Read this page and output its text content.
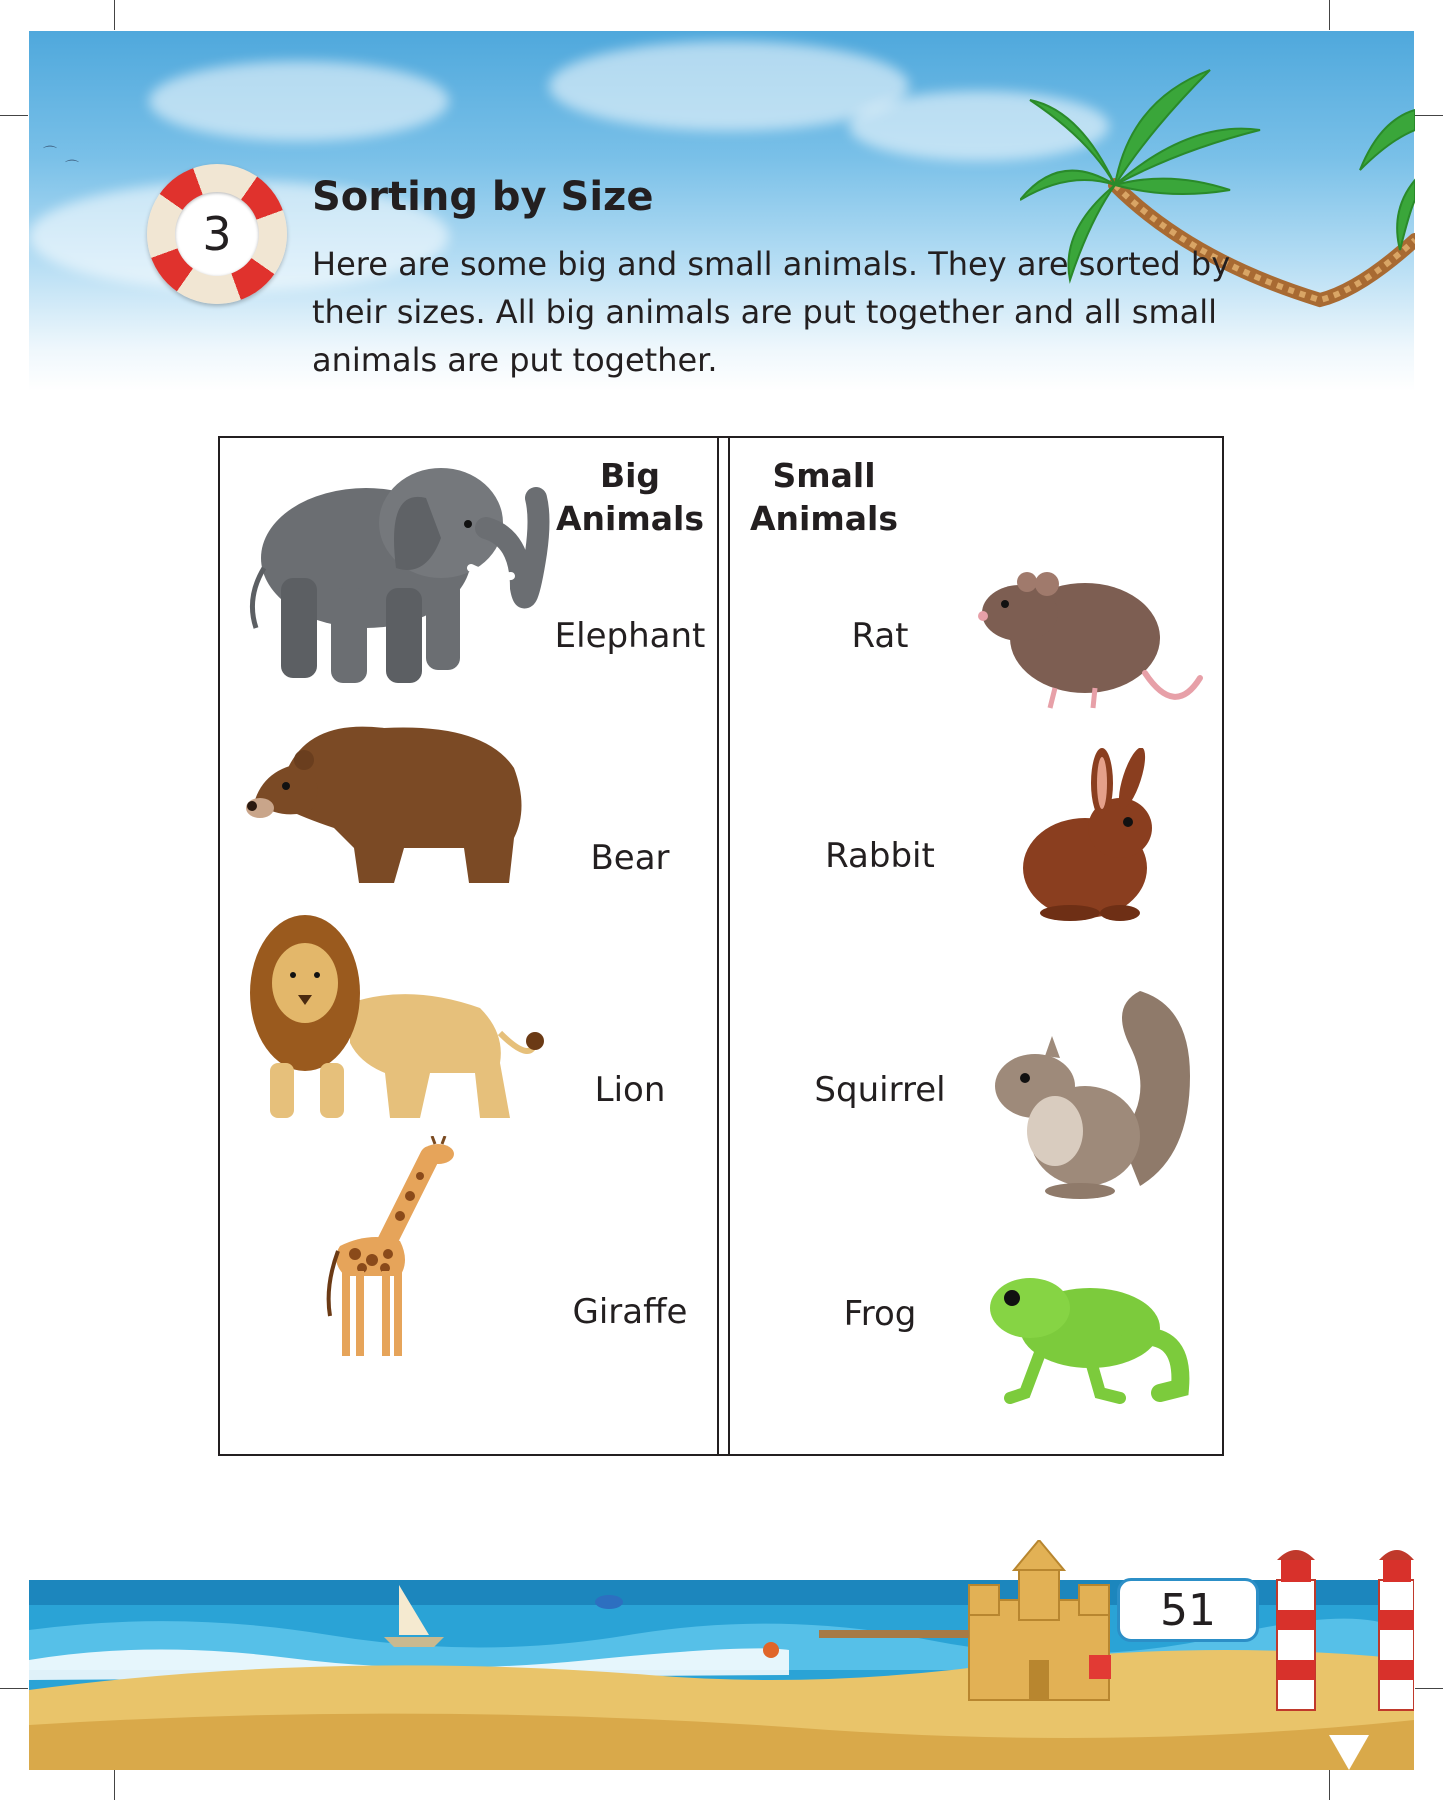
⌒
⌒
3
Sorting by Size
Here are some big and small animals. They are sorted by
their sizes. All big animals are put together and all small
animals are put together.
Big
Animals
Small
Animals
Elephant
Bear
Lion
Giraffe
Rat
Rabbit
Squirrel
Frog
51
